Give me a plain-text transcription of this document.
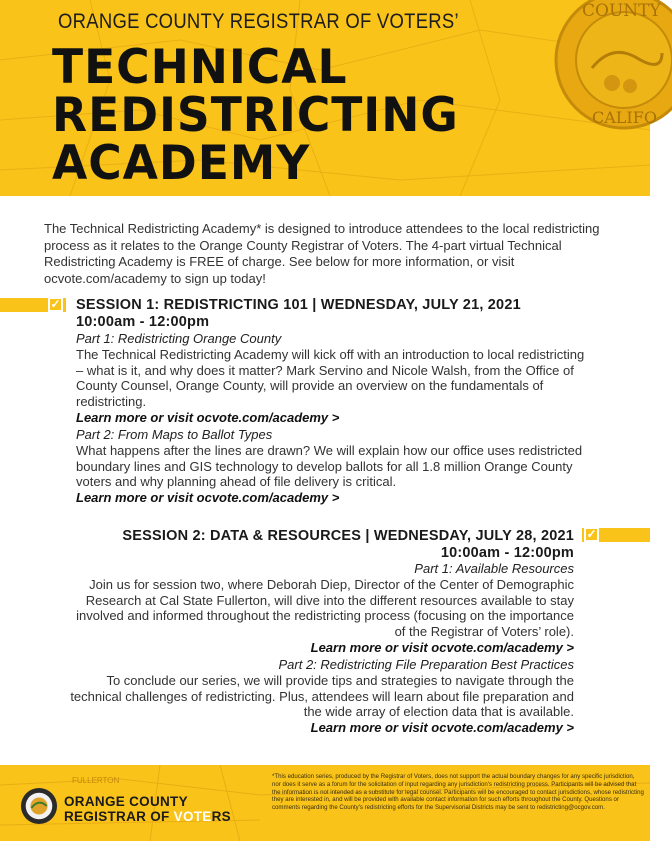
COUNTY
CALIFO
ORANGE COUNTY REGISTRAR OF VOTERS’
TECHNICAL
REDISTRICTING
ACADEMY

The Technical Redistricting Academy* is designed to introduce attendees to the local redistricting process as it relates to the Orange County Registrar of Voters. The 4-part virtual Technical Redistricting Academy is FREE of charge. See below for more information, or visit ocvote.com/academy to sign up today!

✓ SESSION 1: REDISTRICTING 101 | WEDNESDAY, JULY 21, 2021
10:00am - 12:00pm
Part 1: Redistricting Orange County
The Technical Redistricting Academy will kick off with an introduction to local redistricting – what is it, and why does it matter? Mark Servino and Nicole Walsh, from the Office of County Counsel, Orange County, will provide an overview on the fundamentals of redistricting.
Learn more or visit ocvote.com/academy >
Part 2: From Maps to Ballot Types
What happens after the lines are drawn? We will explain how our office uses redistricted boundary lines and GIS technology to develop ballots for all 1.8 million Orange County voters and why planning ahead of file delivery is critical.
Learn more or visit ocvote.com/academy >
✓
SESSION 2: DATA & RESOURCES | WEDNESDAY, JULY 28, 2021
10:00am - 12:00pm
Part 1: Available Resources
Join us for session two, where Deborah Diep, Director of the Center of Demographic Research at Cal State Fullerton, will dive into the different resources available to stay involved and informed throughout the redistricting process (focusing on the importance of the Registrar of Voters’ role).
Learn more or visit ocvote.com/academy >
Part 2: Redistricting File Preparation Best Practices
To conclude our series, we will provide tips and strategies to navigate through the technical challenges of redistricting. Plus, attendees will learn about file preparation and the wide array of election data that is available.
Learn more or visit ocvote.com/academy >
FULLERTON
ORANGE COUNTY
REGISTRAR OF VOTERS

*This education series, produced by the Registrar of Voters, does not support the actual boundary changes for any specific jurisdiction, nor does it serve as a forum for the solicitation of input regarding any jurisdiction's redistricting process. Participants will be advised that the information is not intended as a substitute for legal counsel. Participants will be encouraged to contact jurisdictions, whose redistricting they are interested in, and will be provided with available contact information for such efforts throughout the County. Questions or comments regarding the County's redistricting efforts for the Supervisorial Districts may be sent to redistricting@ocgov.com.
